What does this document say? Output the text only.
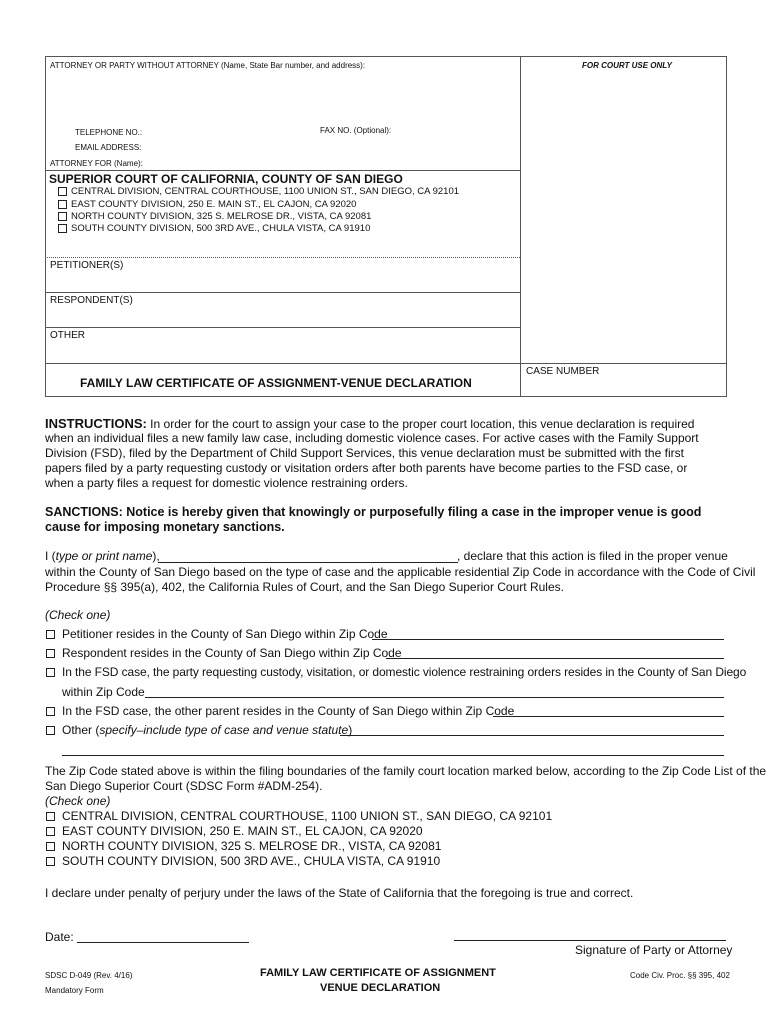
ATTORNEY OR PARTY WITHOUT ATTORNEY (Name, State Bar number, and address):	FOR COURT USE ONLY
TELEPHONE NO.:	FAX NO. (Optional):
EMAIL ADDRESS:
ATTORNEY FOR (Name):
SUPERIOR COURT OF CALIFORNIA, COUNTY OF SAN DIEGO
CENTRAL DIVISION, CENTRAL COURTHOUSE, 1100 UNION ST., SAN DIEGO, CA 92101
EAST COUNTY DIVISION, 250 E. MAIN ST., EL CAJON, CA 92020
NORTH COUNTY DIVISION, 325 S. MELROSE DR., VISTA, CA 92081
SOUTH COUNTY DIVISION, 500 3RD AVE., CHULA VISTA, CA 91910
PETITIONER(S)
RESPONDENT(S)
OTHER
FAMILY LAW CERTIFICATE OF ASSIGNMENT-VENUE DECLARATION
CASE NUMBER
INSTRUCTIONS: In order for the court to assign your case to the proper court location, this venue declaration is required
when an individual files a new family law case, including domestic violence cases. For active cases with the Family Support
Division (FSD), filed by the Department of Child Support Services, this venue declaration must be submitted with the first
papers filed by a party requesting custody or visitation orders after both parents have become parties to the FSD case, or
when a party files a request for domestic violence restraining orders.
SANCTIONS: Notice is hereby given that knowingly or purposefully filing a case in the improper venue is good
cause for imposing monetary sanctions.
I (type or print name),	, declare that this action is filed in the proper venue
within the County of San Diego based on the type of case and the applicable residential Zip Code in accordance with the Code of Civil
Procedure §§ 395(a), 402, the California Rules of Court, and the San Diego Superior Court Rules.
(Check one)
Petitioner resides in the County of San Diego within Zip Code
Respondent resides in the County of San Diego within Zip Code
In the FSD case, the party requesting custody, visitation, or domestic violence restraining orders resides in the County of San Diego
within Zip Code
In the FSD case, the other parent resides in the County of San Diego within Zip Code
Other (specify–include type of case and venue statute)
The Zip Code stated above is within the filing boundaries of the family court location marked below, according to the Zip Code List of the
San Diego Superior Court (SDSC Form #ADM-254).
(Check one)
CENTRAL DIVISION, CENTRAL COURTHOUSE, 1100 UNION ST., SAN DIEGO, CA 92101
EAST COUNTY DIVISION, 250 E. MAIN ST., EL CAJON, CA 92020
NORTH COUNTY DIVISION, 325 S. MELROSE DR., VISTA, CA 92081
SOUTH COUNTY DIVISION, 500 3RD AVE., CHULA VISTA, CA 91910
I declare under penalty of perjury under the laws of the State of California that the foregoing is true and correct.
Date:
Signature of Party or Attorney
SDSC D-049 (Rev. 4/16)
Mandatory Form
FAMILY LAW CERTIFICATE OF ASSIGNMENT
VENUE DECLARATION
Code Civ. Proc. §§ 395, 402
